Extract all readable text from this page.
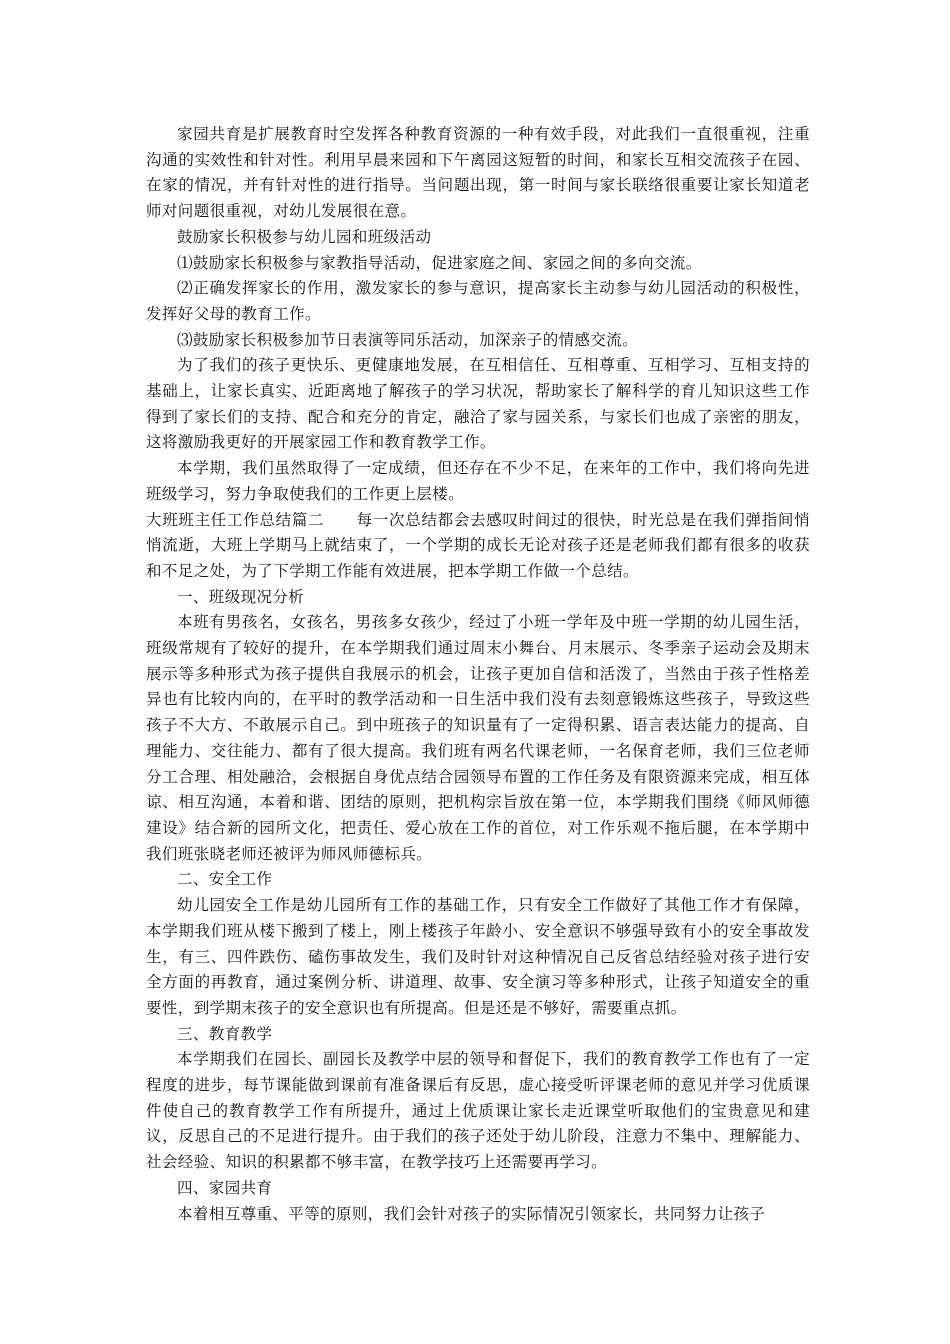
家园共育是扩展教育时空发挥各种教育资源的一种有效手段，对此我们一直很重视，注重沟通的实效性和针对性。利用早晨来园和下午离园这短暂的时间，和家长互相交流孩子在园、在家的情况，并有针对性的进行指导。当问题出现，第一时间与家长联络很重要让家长知道老师对问题很重视，对幼儿发展很在意。

鼓励家长积极参与幼儿园和班级活动

⑴鼓励家长积极参与家教指导活动，促进家庭之间、家园之间的多向交流。

⑵正确发挥家长的作用，激发家长的参与意识，提高家长主动参与幼儿园活动的积极性，发挥好父母的教育工作。

⑶鼓励家长积极参加节日表演等同乐活动，加深亲子的情感交流。

为了我们的孩子更快乐、更健康地发展，在互相信任、互相尊重、互相学习、互相支持的基础上，让家长真实、近距离地了解孩子的学习状况，帮助家长了解科学的育儿知识这些工作得到了家长们的支持、配合和充分的肯定，融洽了家与园关系，与家长们也成了亲密的朋友，这将激励我更好的开展家园工作和教育教学工作。

本学期，我们虽然取得了一定成绩，但还存在不少不足，在来年的工作中，我们将向先进班级学习，努力争取使我们的工作更上层楼。

大班班主任工作总结篇二　　 每一次总结都会去感叹时间过的很快，时光总是在我们弹指间悄悄流逝，大班上学期马上就结束了，一个学期的成长无论对孩子还是老师我们都有很多的收获和不足之处，为了下学期工作能有效进展，把本学期工作做一个总结。

一、班级现况分析

本班有男孩名，女孩名，男孩多女孩少，经过了小班一学年及中班一学期的幼儿园生活，班级常规有了较好的提升，在本学期我们通过周末小舞台、月末展示、冬季亲子运动会及期末展示等多种形式为孩子提供自我展示的机会，让孩子更加自信和活泼了，当然由于孩子性格差异也有比较内向的，在平时的教学活动和一日生活中我们没有去刻意锻炼这些孩子，导致这些孩子不大方、不敢展示自己。到中班孩子的知识量有了一定得积累、语言表达能力的提高、自理能力、交往能力、都有了很大提高。我们班有两名代课老师，一名保育老师，我们三位老师分工合理、相处融洽，会根据自身优点结合园领导布置的工作任务及有限资源来完成，相互体谅、相互沟通，本着和谐、团结的原则，把机构宗旨放在第一位，本学期我们围绕《师风师德建设》结合新的园所文化，把责任、爱心放在工作的首位，对工作乐观不拖后腿，在本学期中我们班张晓老师还被评为师风师德标兵。

二、安全工作

幼儿园安全工作是幼儿园所有工作的基础工作，只有安全工作做好了其他工作才有保障，本学期我们班从楼下搬到了楼上，刚上楼孩子年龄小、安全意识不够强导致有小的安全事故发生，有三、四件跌伤、磕伤事故发生，我们及时针对这种情况自己反省总结经验对孩子进行安全方面的再教育，通过案例分析、讲道理、故事、安全演习等多种形式，让孩子知道安全的重要性，到学期末孩子的安全意识也有所提高。但是还是不够好，需要重点抓。

三、教育教学

本学期我们在园长、副园长及教学中层的领导和督促下，我们的教育教学工作也有了一定程度的进步，每节课能做到课前有准备课后有反思，虚心接受听评课老师的意见并学习优质课件使自己的教育教学工作有所提升，通过上优质课让家长走近课堂听取他们的宝贵意见和建议，反思自己的不足进行提升。由于我们的孩子还处于幼儿阶段，注意力不集中、理解能力、社会经验、知识的积累都不够丰富，在教学技巧上还需要再学习。

四、家园共育

本着相互尊重、平等的原则，我们会针对孩子的实际情况引领家长，共同努力让孩子
